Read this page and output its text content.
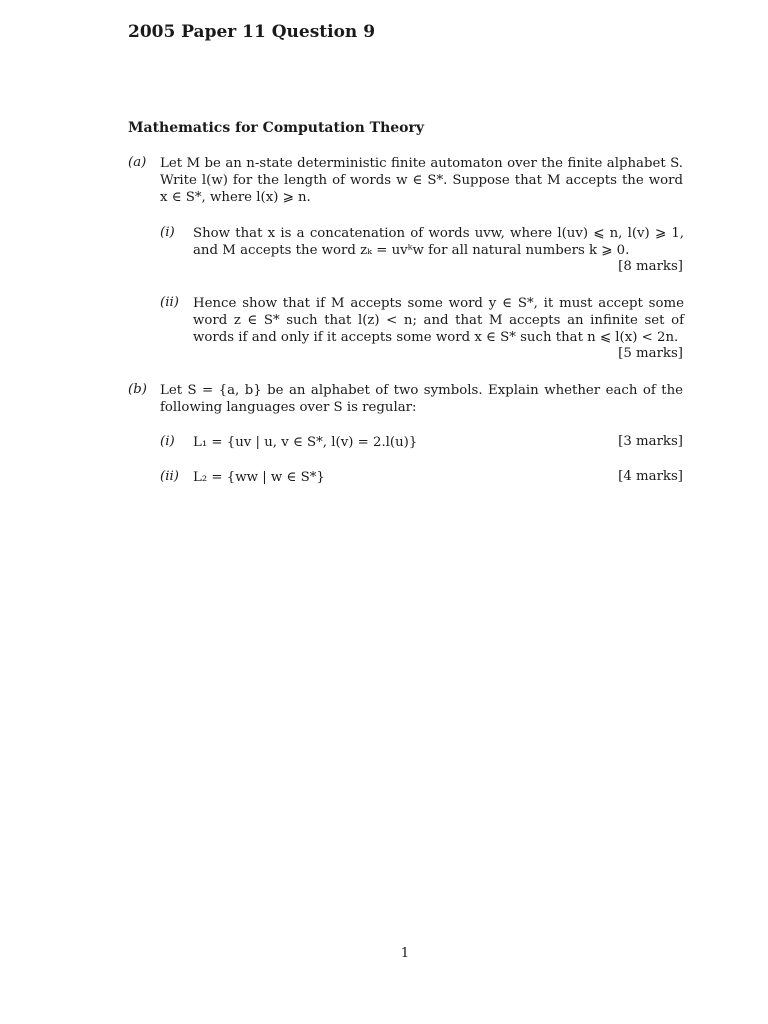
2005 Paper 11 Question 9
Mathematics for Computation Theory
(a) Let M be an n-state deterministic finite automaton over the finite alphabet S.
Write l(w) for the length of words w ∈ S*. Suppose that M accepts the word
x ∈ S*, where l(x) ⩾ n.
(i) Show that x is a concatenation of words uvw, where l(uv) ⩽ n, l(v) ⩾ 1,
and M accepts the word zₖ = uvᵏw for all natural numbers k ⩾ 0.
[8 marks]
(ii) Hence show that if M accepts some word y ∈ S*, it must accept some
word z ∈ S* such that l(z) < n; and that M accepts an infinite set of
words if and only if it accepts some word x ∈ S* such that n ⩽ l(x) < 2n.
[5 marks]
(b) Let S = {a, b} be an alphabet of two symbols. Explain whether each of the
following languages over S is regular:
(i) L₁ = {uv | u, v ∈ S*, l(v) = 2.l(u)}	[3 marks]
(ii) L₂ = {ww | w ∈ S*}	[4 marks]
1
